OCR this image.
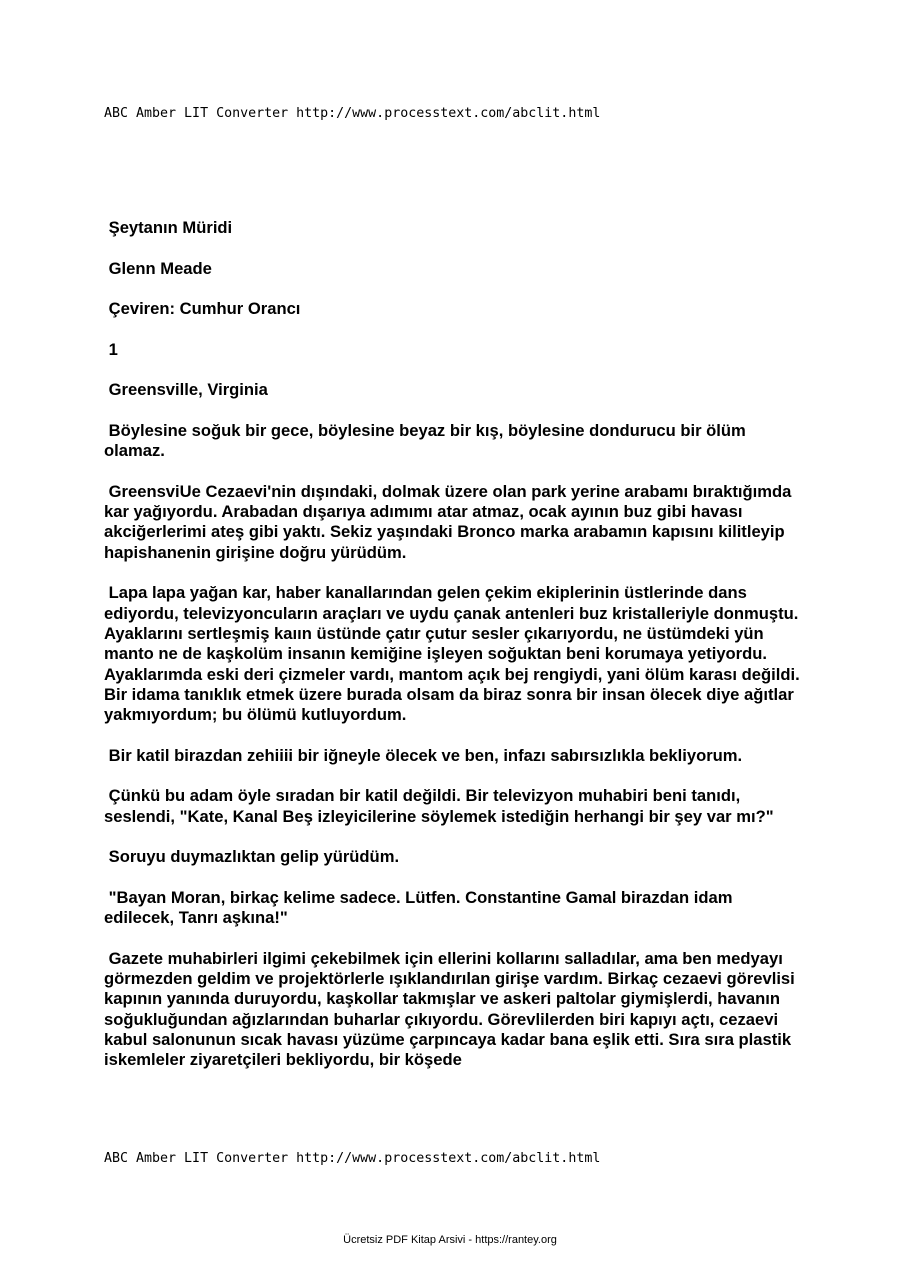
ABC Amber LIT Converter http://www.processtext.com/abclit.html

Şeytanın Müridi

Glenn Meade

Çeviren: Cumhur Orancı

1

Greensville, Virginia

Böylesine soğuk bir gece, böylesine beyaz bir kış, böylesine dondurucu bir ölüm olamaz.

GreensviUe Cezaevi'nin dışındaki, dolmak üzere olan park yerine arabamı bıraktığımda kar yağıyordu. Arabadan dışarıya adımımı atar atmaz, ocak ayının buz gibi havası akciğerlerimi ateş gibi yaktı. Sekiz yaşındaki Bronco marka arabamın kapısını kilitleyip hapishanenin girişine doğru yürüdüm.

Lapa lapa yağan kar, haber kanallarından gelen çekim ekiplerinin üstlerinde dans ediyordu, televizyoncuların araçları ve uydu çanak antenleri buz kristalleriyle donmuştu. Ayaklarını sertleşmiş kaıın üstünde çatır çutur sesler çıkarıyordu, ne üstümdeki yün manto ne de kaşkolüm insanın kemiğine işleyen soğuktan beni korumaya yetiyordu. Ayaklarımda eski deri çizmeler vardı, mantom açık bej rengiydi, yani ölüm karası değildi. Bir idama tanıklık etmek üzere burada olsam da biraz sonra bir insan ölecek diye ağıtlar yakmıyordum; bu ölümü kutluyordum.

Bir katil birazdan zehiiii bir iğneyle ölecek ve ben, infazı sabırsızlıkla bekliyorum.

Çünkü bu adam öyle sıradan bir katil değildi. Bir televizyon muhabiri beni tanıdı, seslendi, "Kate, Kanal Beş izleyicilerine söylemek istediğin herhangi bir şey var mı?"

Soruyu duymazlıktan gelip yürüdüm.

"Bayan Moran, birkaç kelime sadece. Lütfen. Constantine Gamal birazdan idam edilecek, Tanrı aşkına!"

Gazete muhabirleri ilgimi çekebilmek için ellerini kollarını salladılar, ama ben medyayı görmezden geldim ve projektörlerle ışıklandırılan girişe vardım. Birkaç cezaevi görevlisi kapının yanında duruyordu, kaşkollar takmışlar ve askeri paltolar giymişlerdi, havanın soğukluğundan ağızlarından buharlar çıkıyordu. Görevlilerden biri kapıyı açtı, cezaevi kabul salonunun sıcak havası yüzüme çarpıncaya kadar bana eşlik etti. Sıra sıra plastik iskemleler ziyaretçileri bekliyordu, bir köşede

ABC Amber LIT Converter http://www.processtext.com/abclit.html
Ücretsiz PDF Kitap Arsivi - https://rantey.org
